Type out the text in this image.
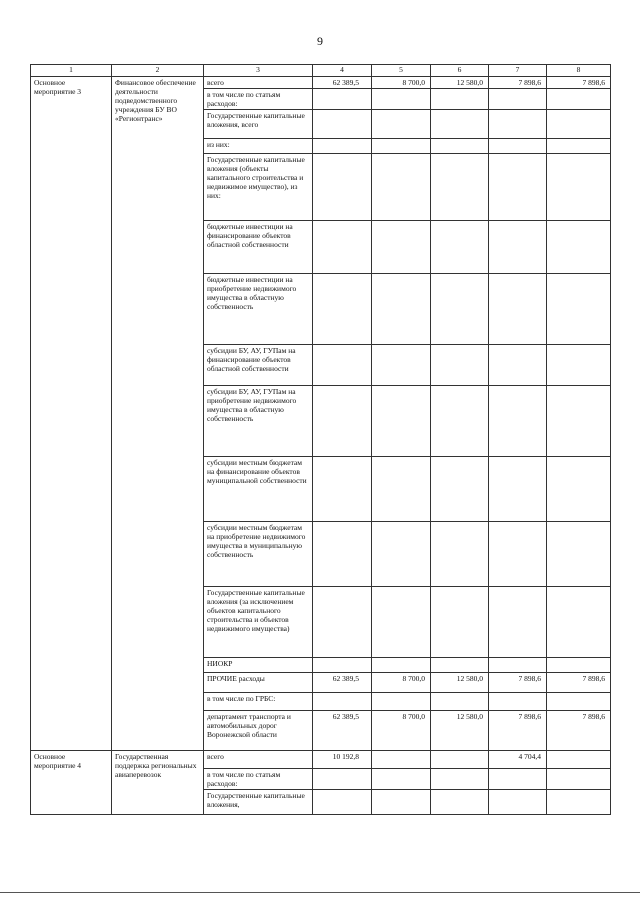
9
1	2	3	4	5	6	7	8
Основное мероприятие 3	Финансовое обеспечение деятельности подведомственного учреждения БУ ВО «Регионтранс»	всего	62 389,5	8 700,0	12 580,0	7 898,6	7 898,6
		в том числе по статьям расходов:					
		Государственные капитальные вложения, всего					
		из них:					
		Государственные капитальные вложения (объекты капитального строительства и недвижимое имущество), из них:					
		бюджетные инвестиции на финансирование объектов областной собственности					
		бюджетные инвестиции на приобретение недвижимого имущества в областную собственность					
		субсидии БУ, АУ, ГУПам на финансирование объектов областной собственности					
		субсидии БУ, АУ, ГУПам на приобретение недвижимого имущества в областную собственность					
		субсидии местным бюджетам на финансирование объектов муниципальной собственности					
		субсидии местным бюджетам на приобретение недвижимого имущества в муниципальную собственность					
		Государственные капитальные вложения (за исключением объектов капитального строительства и объектов недвижимого имущества)					
		НИОКР					
		ПРОЧИЕ расходы	62 389,5	8 700,0	12 580,0	7 898,6	7 898,6
		в том числе по ГРБС:					
		департамент транспорта и автомобильных дорог Воронежской области	62 389,5	8 700,0	12 580,0	7 898,6	7 898,6
Основное мероприятие 4	Государственная поддержка региональных авиаперевозок	всего	10 192,8			4 704,4	
		в том числе по статьям расходов:					
		Государственные капитальные вложения,					
